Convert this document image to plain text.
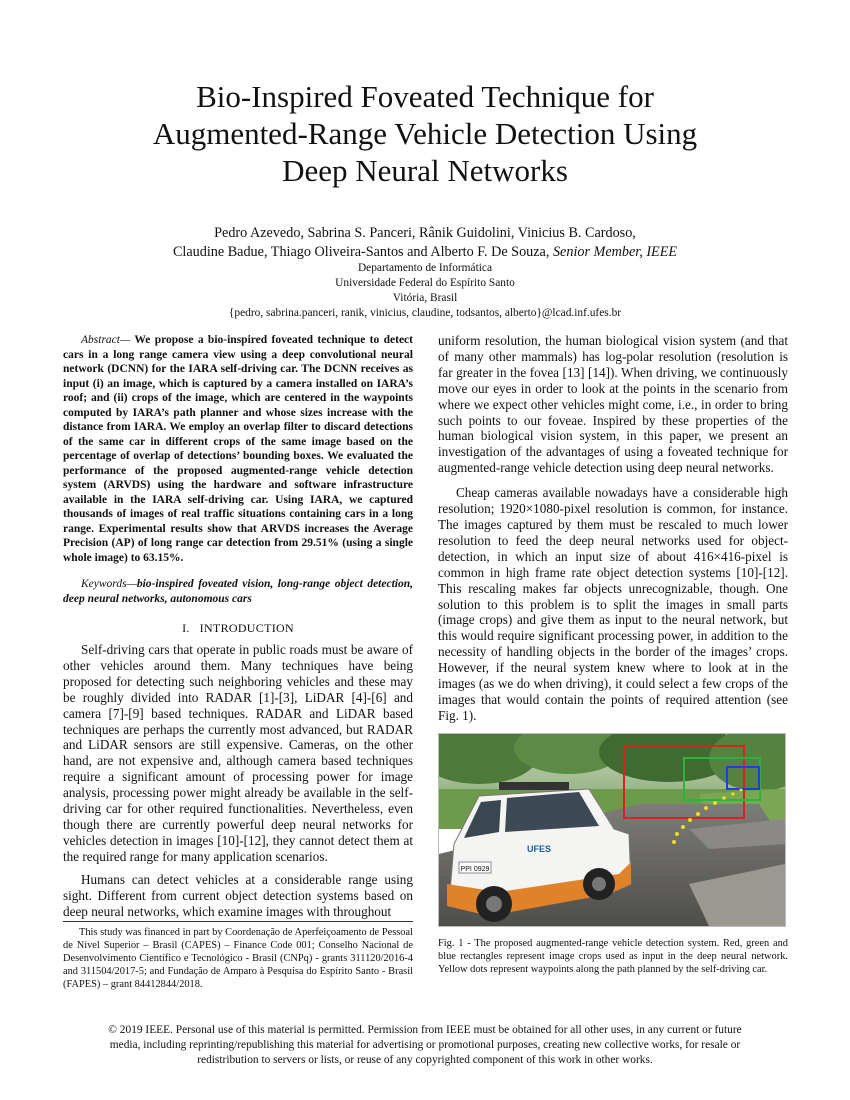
Bio-Inspired Foveated Technique for
Augmented-Range Vehicle Detection Using
Deep Neural Networks
Pedro Azevedo, Sabrina S. Panceri, Rânik Guidolini, Vinicius B. Cardoso,
Claudine Badue, Thiago Oliveira-Santos and Alberto F. De Souza, Senior Member, IEEE
Departamento de Informática
Universidade Federal do Espírito Santo
Vitória, Brasil
{pedro, sabrina.panceri, ranik, vinicius, claudine, todsantos, alberto}@lcad.inf.ufes.br

Abstract— We propose a bio-inspired foveated technique to detect cars in a long range camera view using a deep convolutional neural network (DCNN) for the IARA self-driving car. The DCNN receives as input (i) an image, which is captured by a camera installed on IARA’s roof; and (ii) crops of the image, which are centered in the waypoints computed by IARA’s path planner and whose sizes increase with the distance from IARA. We employ an overlap filter to discard detections of the same car in different crops of the same image based on the percentage of overlap of detections’ bounding boxes. We evaluated the performance of the proposed augmented-range vehicle detection system (ARVDS) using the hardware and software infrastructure available in the IARA self-driving car. Using IARA, we captured thousands of images of real traffic situations containing cars in a long range. Experimental results show that ARVDS increases the Average Precision (AP) of long range car detection from 29.51% (using a single whole image) to 63.15%.

Keywords—bio-inspired foveated vision, long-range object detection, deep neural networks, autonomous cars

I. INTRODUCTION

Self-driving cars that operate in public roads must be aware of other vehicles around them. Many techniques have being proposed for detecting such neighboring vehicles and these may be roughly divided into RADAR [1]-[3], LiDAR [4]-[6] and camera [7]-[9] based techniques. RADAR and LiDAR based techniques are perhaps the currently most advanced, but RADAR and LiDAR sensors are still expensive. Cameras, on the other hand, are not expensive and, although camera based techniques require a significant amount of processing power for image analysis, processing power might already be available in the self-driving car for other required functionalities. Nevertheless, even though there are currently powerful deep neural networks for vehicles detection in images [10]-[12], they cannot detect them at the required range for many application scenarios.

Humans can detect vehicles at a considerable range using sight. Different from current object detection systems based on deep neural networks, which examine images with throughout

This study was financed in part by Coordenação de Aperfeiçoamento de Pessoal de Nível Superior – Brasil (CAPES) – Finance Code 001; Conselho Nacional de Desenvolvimento Científico e Tecnológico - Brasil (CNPq) - grants 311120/2016-4 and 311504/2017-5; and Fundação de Amparo à Pesquisa do Espírito Santo - Brasil (FAPES) – grant 84412844/2018.

uniform resolution, the human biological vision system (and that of many other mammals) has log-polar resolution (resolution is far greater in the fovea [13] [14]). When driving, we continuously move our eyes in order to look at the points in the scenario from where we expect other vehicles might come, i.e., in order to bring such points to our foveae. Inspired by these properties of the human biological vision system, in this paper, we present an investigation of the advantages of using a foveated technique for augmented-range vehicle detection using deep neural networks.

Cheap cameras available nowadays have a considerable high resolution; 1920×1080-pixel resolution is common, for instance. The images captured by them must be rescaled to much lower resolution to feed the deep neural networks used for object-detection, in which an input size of about 416×416-pixel is common in high frame rate object detection systems [10]-[12]. This rescaling makes far objects unrecognizable, though. One solution to this problem is to split the images in small parts (image crops) and give them as input to the neural network, but this would require significant processing power, in addition to the necessity of handling objects in the border of the images’ crops. However, if the neural system knew where to look at in the images (as we do when driving), it could select a few crops of the images that would contain the points of required attention (see Fig. 1).

PPI 0929
UFES

Fig. 1 - The proposed augmented-range vehicle detection system. Red, green and blue rectangles represent image crops used as input in the deep neural network. Yellow dots represent waypoints along the path planned by the self-driving car.

© 2019 IEEE. Personal use of this material is permitted. Permission from IEEE must be obtained for all other uses, in any current or future media, including reprinting/republishing this material for advertising or promotional purposes, creating new collective works, for resale or redistribution to servers or lists, or reuse of any copyrighted component of this work in other works.
